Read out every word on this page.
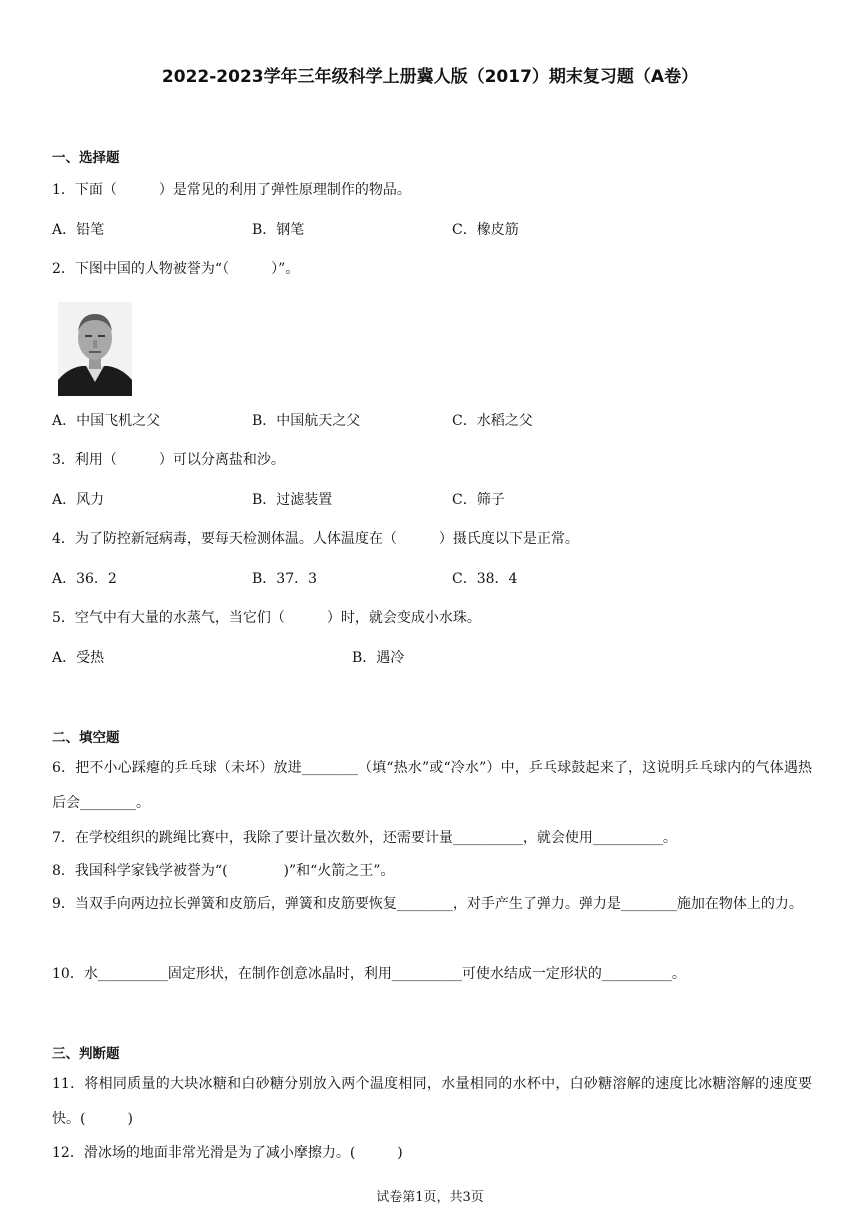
2022-2023学年三年级科学上册冀人版（2017）期末复习题（A卷）
一、选择题
1．下面（　　　）是常见的利用了弹性原理制作的物品。
A．铅笔	B．钢笔	C．橡皮筋
2．下图中国的人物被誉为“（　　　）”。
A．中国飞机之父	B．中国航天之父	C．水稻之父
3．利用（　　　）可以分离盐和沙。
A．风力	B．过滤装置	C．筛子
4．为了防控新冠病毒，要每天检测体温。人体温度在（　　　）摄氏度以下是正常。
A．36．2	B．37．3	C．38．4
5．空气中有大量的水蒸气，当它们（　　　）时，就会变成小水珠。
A．受热	B．遇冷
二、填空题
6．把不小心踩瘪的乒乓球（未坏）放进________（填“热水”或“冷水”）中，乒乓球鼓起来了，这说明乒乓球内的气体遇热后会________。
7．在学校组织的跳绳比赛中，我除了要计量次数外，还需要计量__________，就会使用__________。
8．我国科学家钱学被誉为“(　　　　)”和“火箭之王”。
9．当双手向两边拉长弹簧和皮筋后，弹簧和皮筋要恢复________，对手产生了弹力。弹力是________施加在物体上的力。
10．水__________固定形状，在制作创意冰晶时，利用__________可使水结成一定形状的__________。
三、判断题
11．将相同质量的大块冰糖和白砂糖分别放入两个温度相同，水量相同的水杯中，白砂糖溶解的速度比冰糖溶解的速度要快。(　　　)
12．滑冰场的地面非常光滑是为了减小摩擦力。(　　　)
试卷第1页，共3页
